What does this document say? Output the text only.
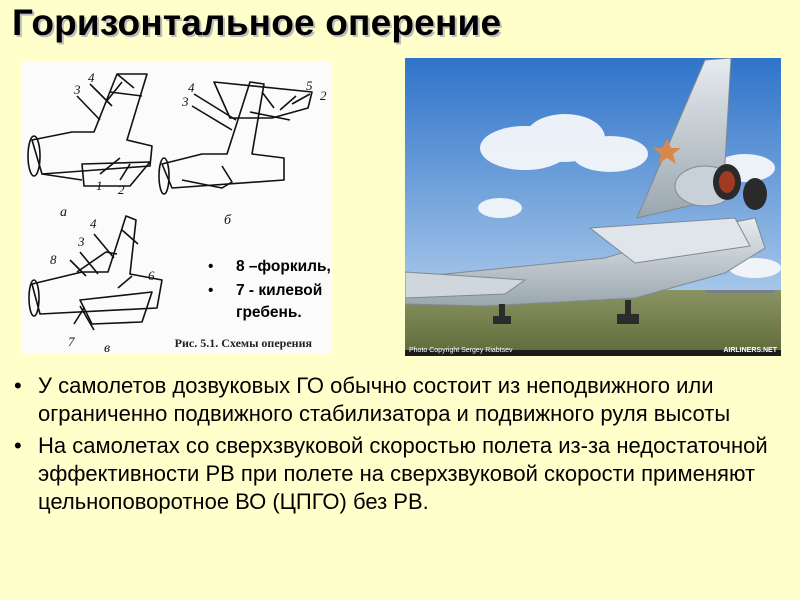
Горизонтальное оперение
3
4
1 2
3
4	5
2
3
4
8
6
7
а
б
в	Рис. 5.1. Схемы оперения
Photo Copyright Sergey Riabtsev	AIRLINERS.NET
• 8 –форкиль,
• 7 - килевой гребень.
• У самолетов дозвуковых ГО обычно состоит из неподвижного или ограниченно подвижного стабилизатора и подвижного руля высоты
• На самолетах со сверхзвуковой скоростью полета из-за недостаточной эффективности РВ при полете на сверхзвуковой скорости применяют цельноповоротное ВО (ЦПГО) без РВ.
